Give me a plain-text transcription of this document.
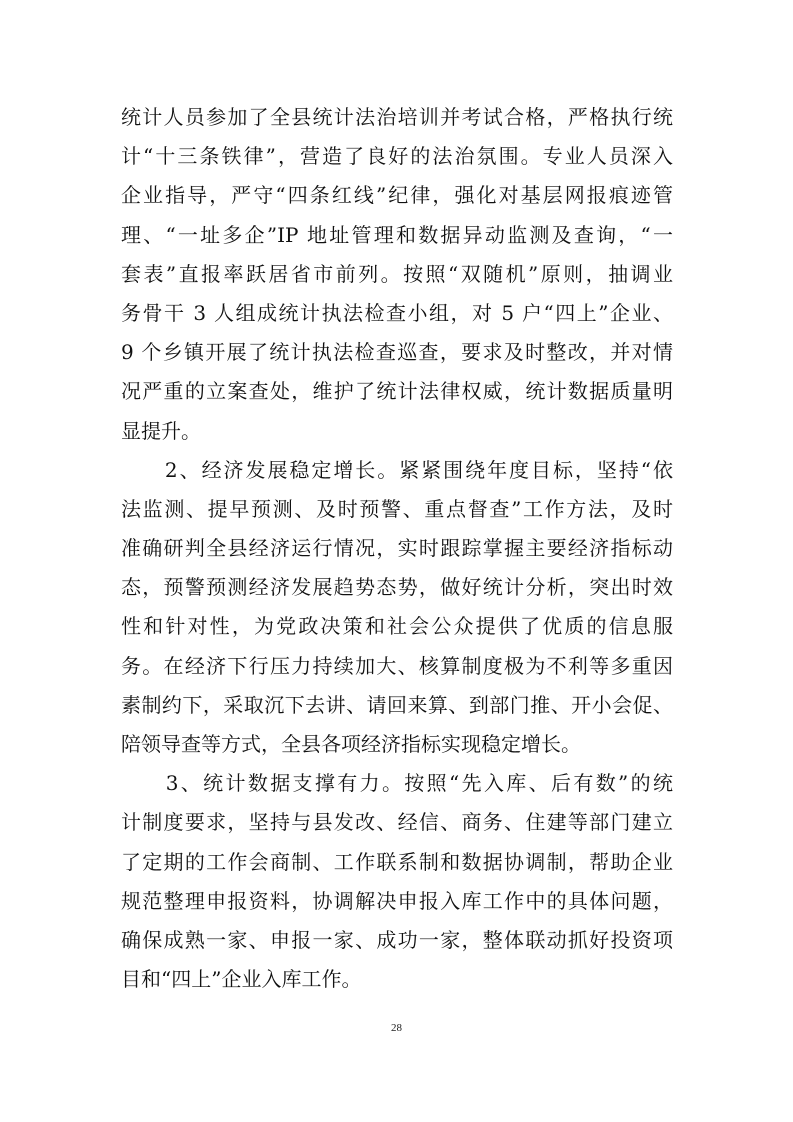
统计人员参加了全县统计法治培训并考试合格，严格执行统
计“十三条铁律”，营造了良好的法治氛围。专业人员深入
企业指导，严守“四条红线”纪律，强化对基层网报痕迹管
理、“一址多企”IP 地址管理和数据异动监测及查询，“一
套表”直报率跃居省市前列。按照“双随机”原则，抽调业
务骨干 3 人组成统计执法检查小组，对 5 户“四上”企业、
9 个乡镇开展了统计执法检查巡查，要求及时整改，并对情
况严重的立案查处，维护了统计法律权威，统计数据质量明
显提升。
　　2、经济发展稳定增长。紧紧围绕年度目标，坚持“依
法监测、提早预测、及时预警、重点督查”工作方法，及时
准确研判全县经济运行情况，实时跟踪掌握主要经济指标动
态，预警预测经济发展趋势态势，做好统计分析，突出时效
性和针对性，为党政决策和社会公众提供了优质的信息服
务。在经济下行压力持续加大、核算制度极为不利等多重因
素制约下，采取沉下去讲、请回来算、到部门推、开小会促、
陪领导查等方式，全县各项经济指标实现稳定增长。
　　3、统计数据支撑有力。按照“先入库、后有数”的统
计制度要求，坚持与县发改、经信、商务、住建等部门建立
了定期的工作会商制、工作联系制和数据协调制，帮助企业
规范整理申报资料，协调解决申报入库工作中的具体问题，
确保成熟一家、申报一家、成功一家，整体联动抓好投资项
目和“四上”企业入库工作。
28
